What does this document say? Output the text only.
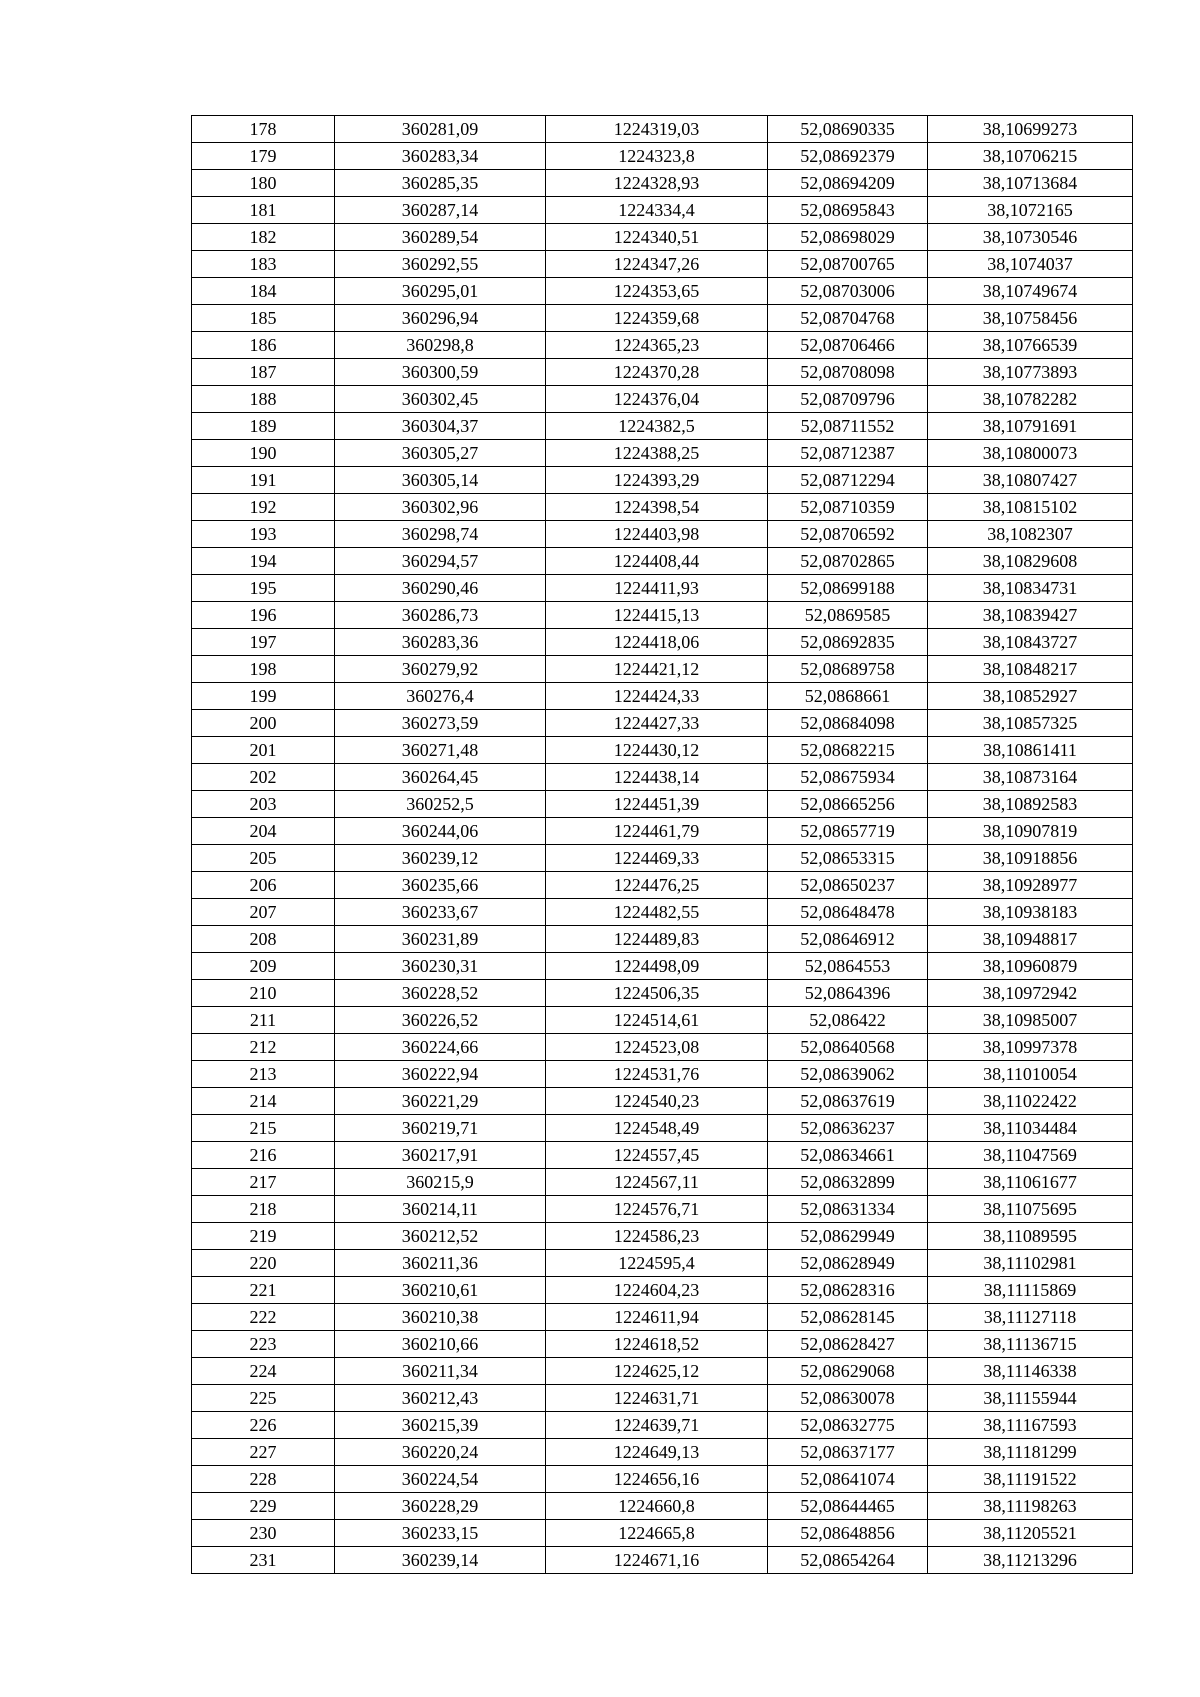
178	360281,09	1224319,03	52,08690335	38,10699273
179	360283,34	1224323,8	52,08692379	38,10706215
180	360285,35	1224328,93	52,08694209	38,10713684
181	360287,14	1224334,4	52,08695843	38,1072165
182	360289,54	1224340,51	52,08698029	38,10730546
183	360292,55	1224347,26	52,08700765	38,1074037
184	360295,01	1224353,65	52,08703006	38,10749674
185	360296,94	1224359,68	52,08704768	38,10758456
186	360298,8	1224365,23	52,08706466	38,10766539
187	360300,59	1224370,28	52,08708098	38,10773893
188	360302,45	1224376,04	52,08709796	38,10782282
189	360304,37	1224382,5	52,08711552	38,10791691
190	360305,27	1224388,25	52,08712387	38,10800073
191	360305,14	1224393,29	52,08712294	38,10807427
192	360302,96	1224398,54	52,08710359	38,10815102
193	360298,74	1224403,98	52,08706592	38,1082307
194	360294,57	1224408,44	52,08702865	38,10829608
195	360290,46	1224411,93	52,08699188	38,10834731
196	360286,73	1224415,13	52,0869585	38,10839427
197	360283,36	1224418,06	52,08692835	38,10843727
198	360279,92	1224421,12	52,08689758	38,10848217
199	360276,4	1224424,33	52,0868661	38,10852927
200	360273,59	1224427,33	52,08684098	38,10857325
201	360271,48	1224430,12	52,08682215	38,10861411
202	360264,45	1224438,14	52,08675934	38,10873164
203	360252,5	1224451,39	52,08665256	38,10892583
204	360244,06	1224461,79	52,08657719	38,10907819
205	360239,12	1224469,33	52,08653315	38,10918856
206	360235,66	1224476,25	52,08650237	38,10928977
207	360233,67	1224482,55	52,08648478	38,10938183
208	360231,89	1224489,83	52,08646912	38,10948817
209	360230,31	1224498,09	52,0864553	38,10960879
210	360228,52	1224506,35	52,0864396	38,10972942
211	360226,52	1224514,61	52,086422	38,10985007
212	360224,66	1224523,08	52,08640568	38,10997378
213	360222,94	1224531,76	52,08639062	38,11010054
214	360221,29	1224540,23	52,08637619	38,11022422
215	360219,71	1224548,49	52,08636237	38,11034484
216	360217,91	1224557,45	52,08634661	38,11047569
217	360215,9	1224567,11	52,08632899	38,11061677
218	360214,11	1224576,71	52,08631334	38,11075695
219	360212,52	1224586,23	52,08629949	38,11089595
220	360211,36	1224595,4	52,08628949	38,11102981
221	360210,61	1224604,23	52,08628316	38,11115869
222	360210,38	1224611,94	52,08628145	38,11127118
223	360210,66	1224618,52	52,08628427	38,11136715
224	360211,34	1224625,12	52,08629068	38,11146338
225	360212,43	1224631,71	52,08630078	38,11155944
226	360215,39	1224639,71	52,08632775	38,11167593
227	360220,24	1224649,13	52,08637177	38,11181299
228	360224,54	1224656,16	52,08641074	38,11191522
229	360228,29	1224660,8	52,08644465	38,11198263
230	360233,15	1224665,8	52,08648856	38,11205521
231	360239,14	1224671,16	52,08654264	38,11213296
